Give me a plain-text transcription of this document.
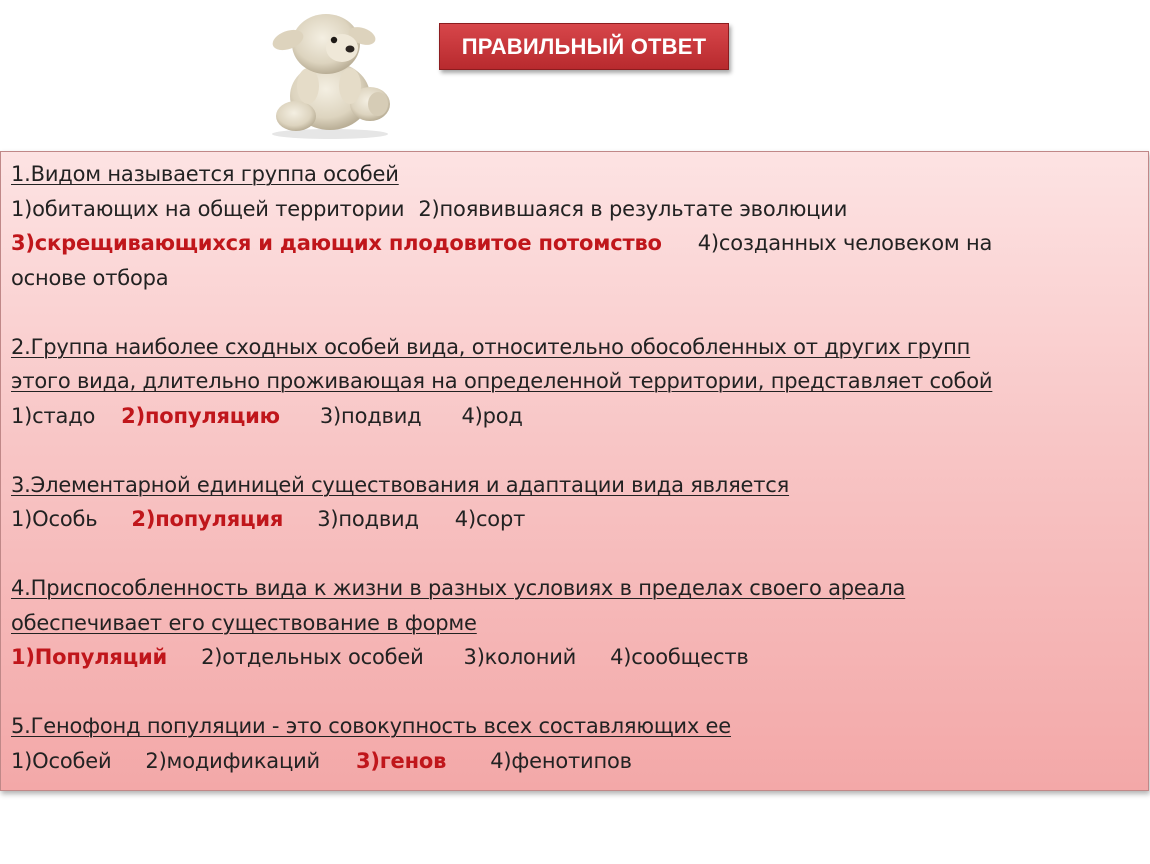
ПРАВИЛЬНЫЙ ОТВЕТ
1.Видом называется группа особей
1)обитающих на общей территории 2)появившаяся в результате эволюции
3)скрещивающихся и дающих плодовитое потомство 4)созданных человеком на
основе отбора
2.Группа наиболее сходных особей вида, относительно обособленных от других групп
этого вида, длительно проживающая на определенной территории, представляет собой
1)стадо 2)популяцию 3)подвид 4)род
3.Элементарной единицей существования и адаптации вида является
1)Особь 2)популяция 3)подвид 4)сорт
4.Приспособленность вида к жизни в разных условиях в пределах своего ареала
обеспечивает его существование в форме
1)Популяций 2)отдельных особей 3)колоний 4)сообществ
5.Генофонд популяции - это совокупность всех составляющих ее
1)Особей 2)модификаций 3)генов 4)фенотипов
